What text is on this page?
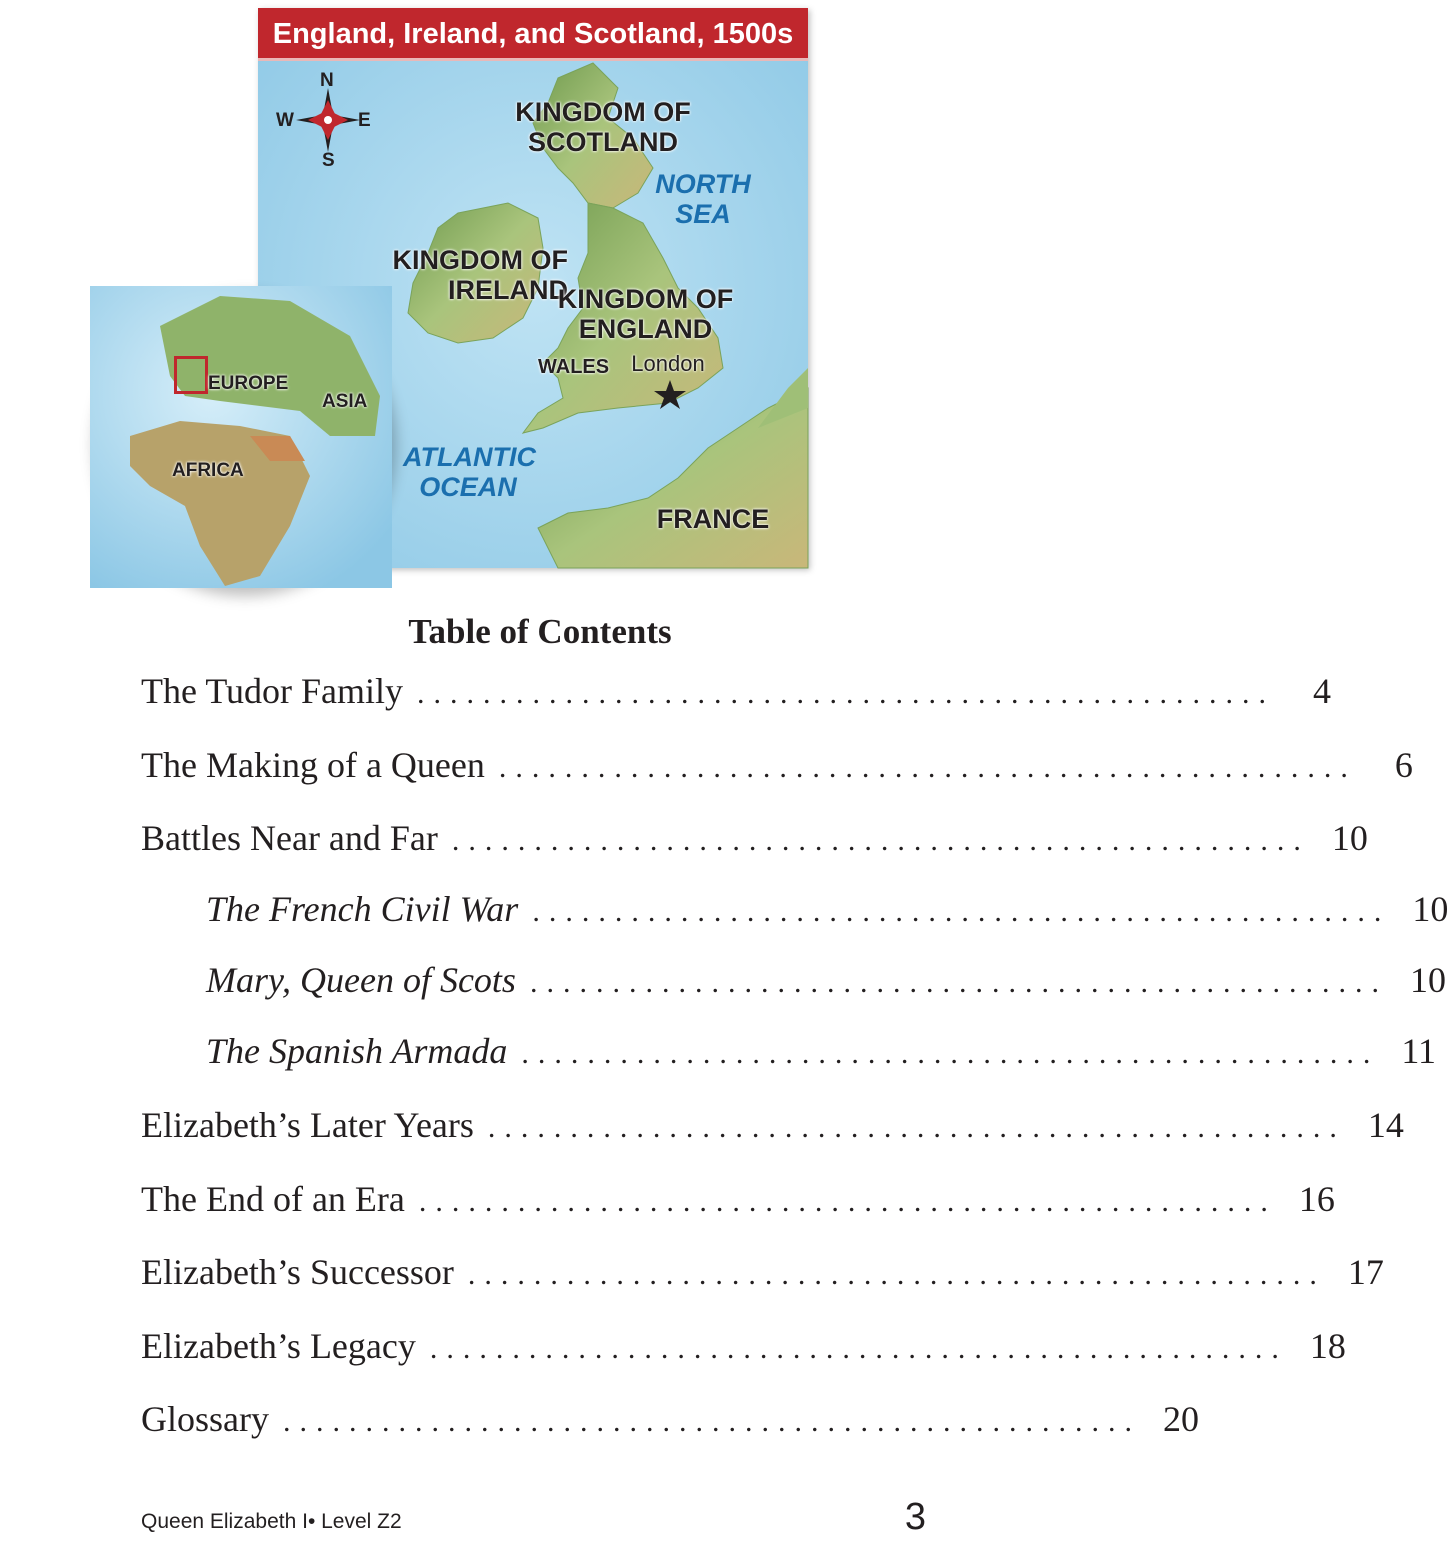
England, Ireland, and Scotland, 1500s
N
S
E
W	KINGDOM OF
SCOTLAND
NORTH
SEA
KINGDOM OF
IRELAND
KINGDOM OF
ENGLAND
WALES	London
ATLANTIC
OCEAN
FRANCE
EUROPE
ASIA
AFRICA
Table of Contents
The Tudor Family ....................................................	4
The Making of a Queen ....................................................	6
Battles Near and Far .................................................... 10
The French Civil War .................................................... 10
Mary, Queen of Scots .................................................... 10
The Spanish Armada .................................................... 11
Elizabeth’s Later Years .................................................... 14
The End of an Era .................................................... 16
Elizabeth’s Successor .................................................... 17
Elizabeth’s Legacy .................................................... 18
Glossary .................................................... 20
Queen Elizabeth I• Level Z2	3
